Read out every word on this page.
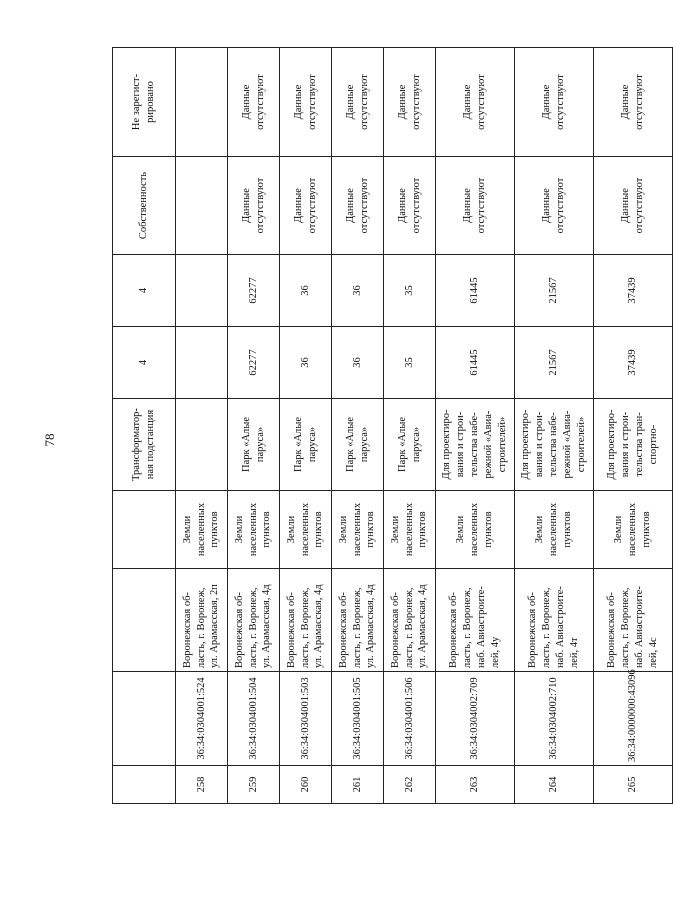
78
					Трансформатор- ная подстанция	4	4	Собственность	Не зарегист- рировано
258	36:34:0304001:524	Воронежская об- ласть, г. Воронеж, ул. Арамасская, 2п	Земли населенных пунктов					
259	36:34:0304001:504	Воронежская об- ласть, г. Воронеж, ул. Арамасская, 4д	Земли населенных пунктов	Парк «Алые паруса»	62277	62277	Данные отсутствуют	Данные отсутствуют
260	36:34:0304001:503	Воронежская об- ласть, г. Воронеж, ул. Арамасская, 4д	Земли населенных пунктов	Парк «Алые паруса»	36	36	Данные отсутствуют	Данные отсутствуют
261	36:34:0304001:505	Воронежская об- ласть, г. Воронеж, ул. Арамасская, 4д	Земли населенных пунктов	Парк «Алые паруса»	36	36	Данные отсутствуют	Данные отсутствуют
262	36:34:0304001:506	Воронежская об- ласть, г. Воронеж, ул. Арамасская, 4д	Земли населенных пунктов	Парк «Алые паруса»	35	35	Данные отсутствуют	Данные отсутствуют
263	36:34:0304002:709	Воронежская об- ласть, г. Воронеж, наб. Авиастроите- лей, 4у	Земли населенных пунктов	Для проектиро- вания и строи- тельства набе- режной «Авиа- строителей»	61445	61445	Данные отсутствуют	Данные отсутствуют
264	36:34:0304002:710	Воронежская об- ласть, г. Воронеж, наб. Авиастроите- лей, 4т	Земли населенных пунктов	Для проектиро- вания и строи- тельства набе- режной «Авиа- строителей»	21567	21567	Данные отсутствуют	Данные отсутствуют
265	36:34:0000000:43096	Воронежская об- ласть, г. Воронеж, наб. Авиастроите- лей, 4с	Земли населенных пунктов	Для проектиро- вания и строи- тельства тран- спортно-	37439	37439	Данные отсутствуют	Данные отсутствуют
